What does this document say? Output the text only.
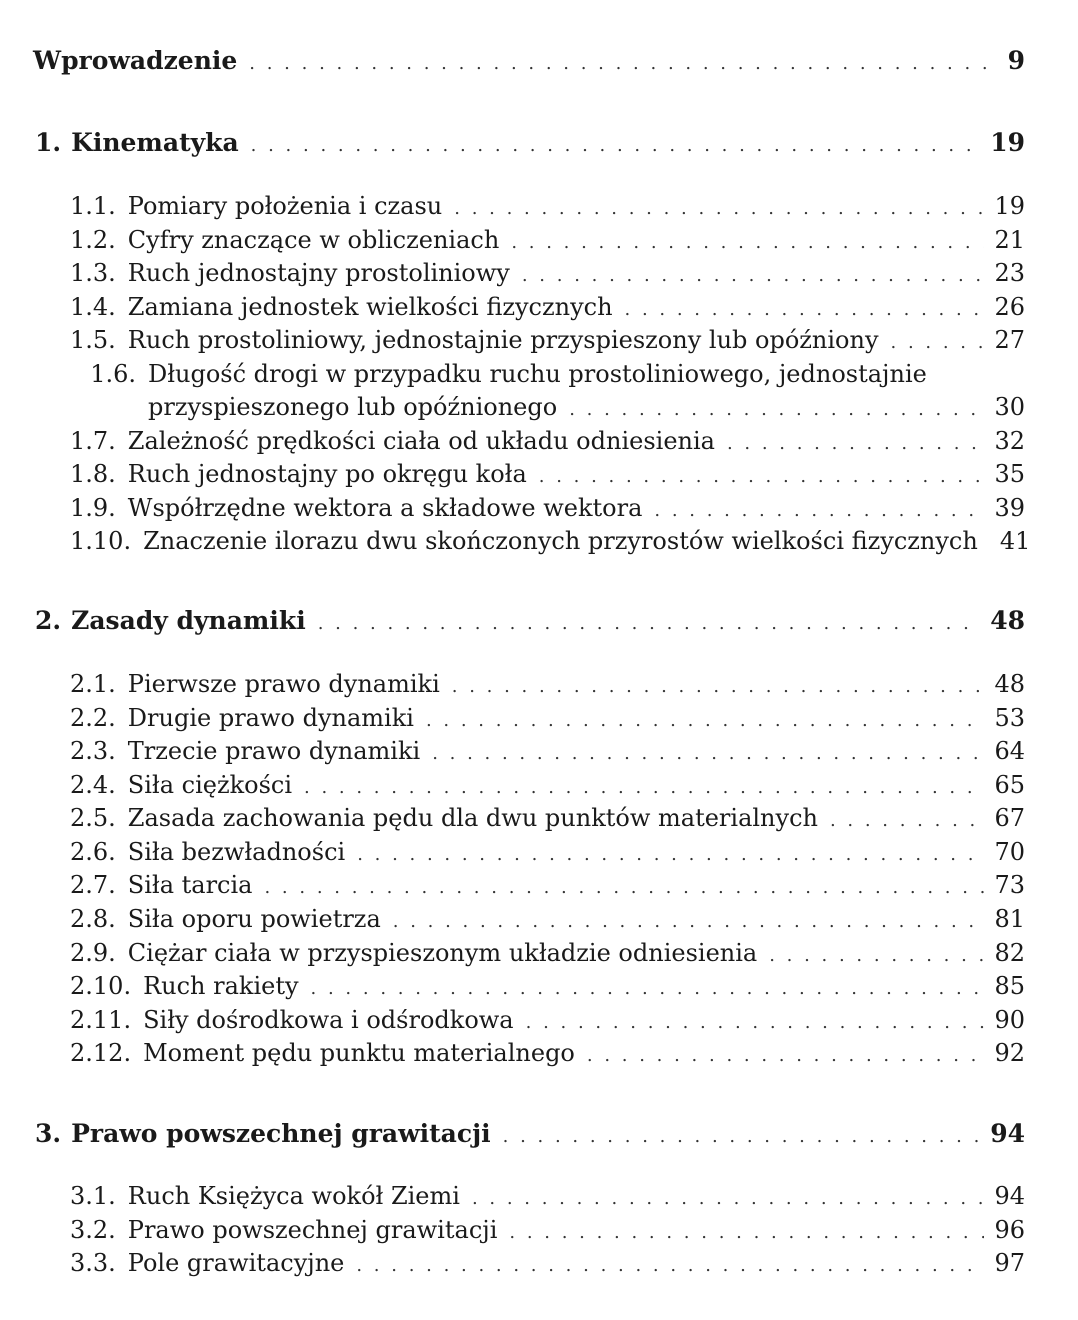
Wprowadzenie . . .	9
1. Kinematyka . . .	19
1.1. Pomiary położenia i czasu . . .	19
1.2. Cyfry znaczące w obliczeniach . . .	21
1.3. Ruch jednostajny prostoliniowy . . .	23
1.4. Zamiana jednostek wielkości fizycznych . . .	26
1.5. Ruch prostoliniowy, jednostajnie przyspieszony lub opóźniony . . .	27
1.6. Długość drogi w przypadku ruchu prostoliniowego, jednostajnie
przyspieszonego lub opóźnionego . . .	30
1.7. Zależność prędkości ciała od układu odniesienia . . .	32
1.8. Ruch jednostajny po okręgu koła . . .	35
1.9. Współrzędne wektora a składowe wektora . . .	39
1.10. Znaczenie ilorazu dwu skończonych przyrostów wielkości fizycznych 41
2. Zasady dynamiki . . .	48
2.1. Pierwsze prawo dynamiki . . .	48
2.2. Drugie prawo dynamiki . . .	53
2.3. Trzecie prawo dynamiki . . .	64
2.4. Siła ciężkości . . .	65
2.5. Zasada zachowania pędu dla dwu punktów materialnych . . .	67
2.6. Siła bezwładności . . .	70
2.7. Siła tarcia . . .	73
2.8. Siła oporu powietrza . . .	81
2.9. Ciężar ciała w przyspieszonym układzie odniesienia . . .	82
2.10. Ruch rakiety . . .	85
2.11. Siły dośrodkowa i odśrodkowa . . .	90
2.12. Moment pędu punktu materialnego . . .	92
3. Prawo powszechnej grawitacji . . .	94
3.1. Ruch Księżyca wokół Ziemi . . .	94
3.2. Prawo powszechnej grawitacji . . .	96
3.3. Pole grawitacyjne . . .	97
